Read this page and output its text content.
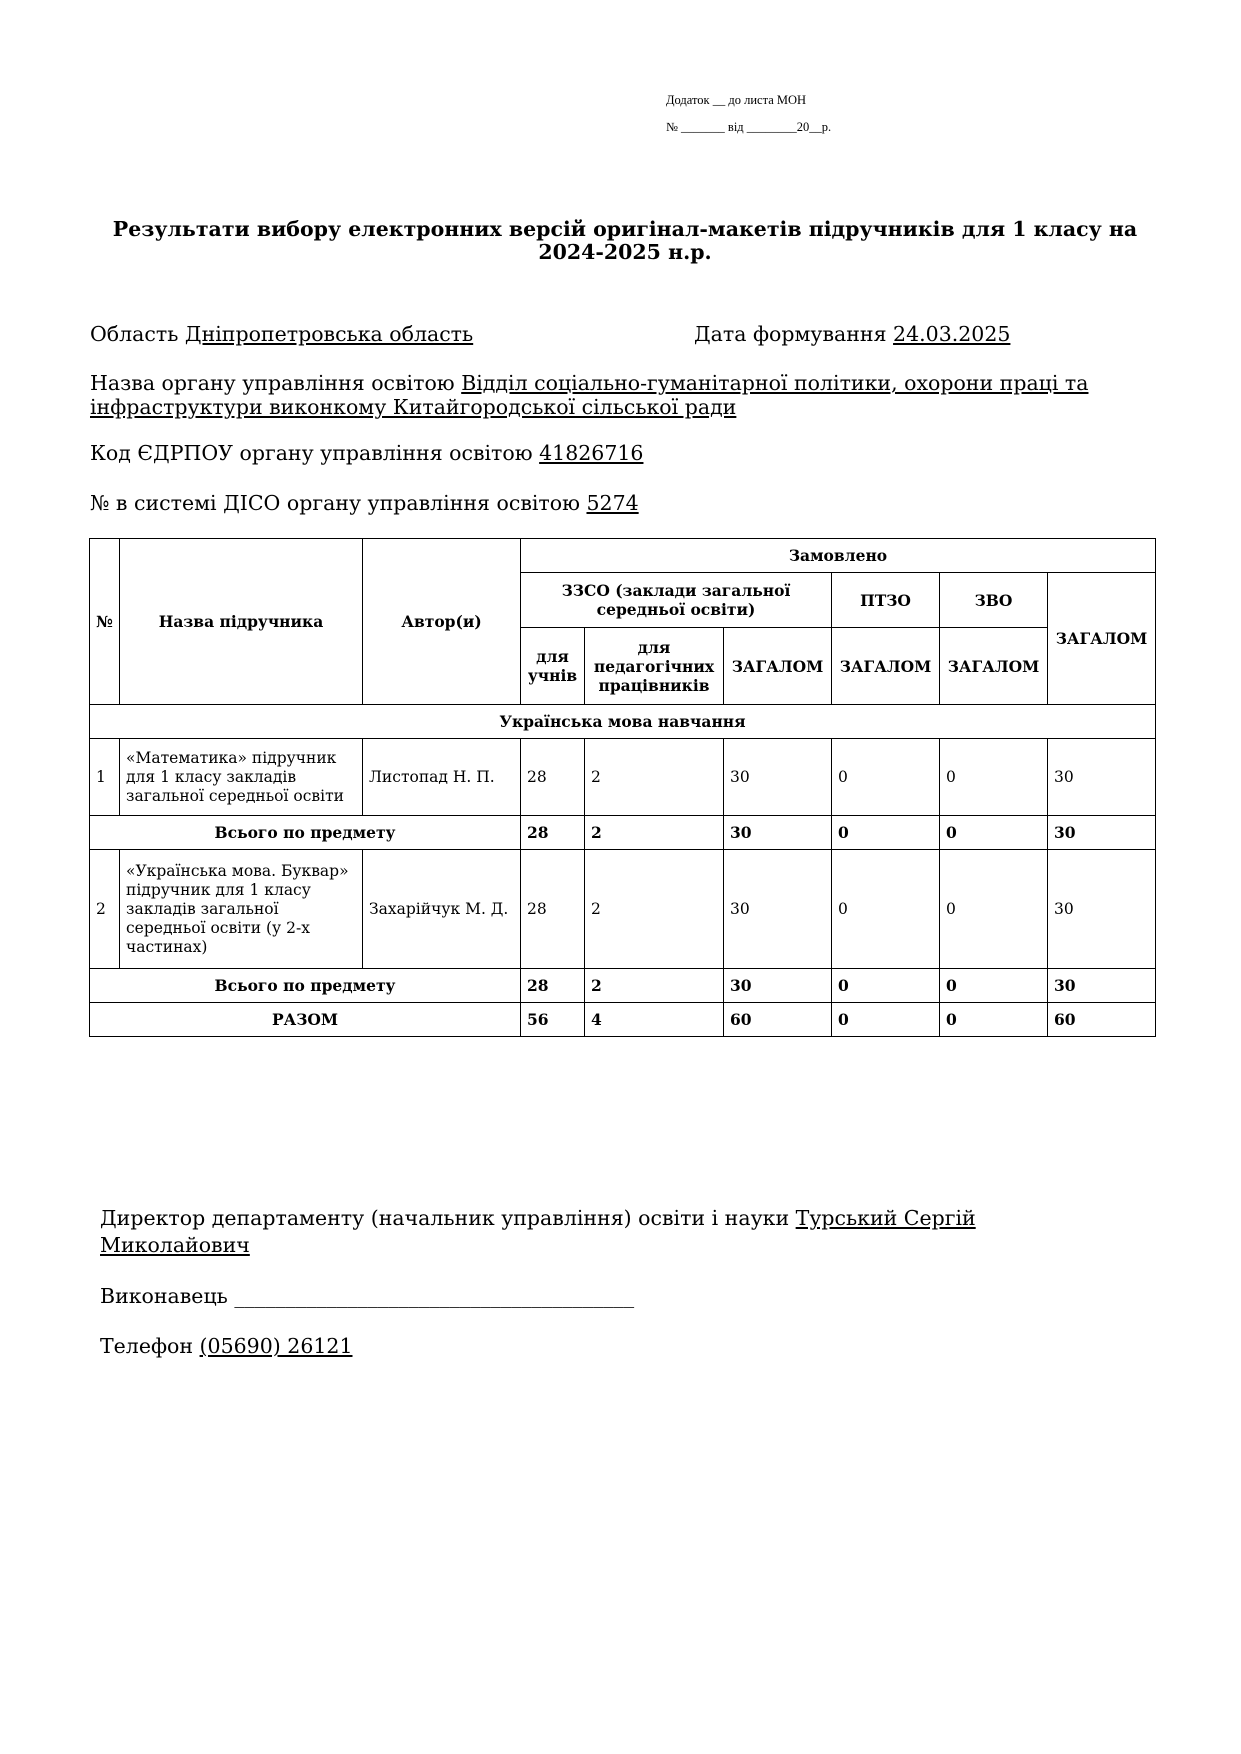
Додаток __ до листа МОН
№ _______ від ________20__р.
Результати вибору електронних версій оригінал-макетів підручників для 1 класу на 2024-2025 н.р.
Область Дніпропетровська область	Дата формування 24.03.2025
Назва органу управління освітою Відділ соціально-гуманітарної політики, охорони праці та інфраструктури виконкому Китайгородської сільської ради
Код ЄДРПОУ органу управління освітою 41826716
№ в системі ДІСО органу управління освітою 5274
№	Назва підручника	Автор(и)	Замовлено					
			ЗЗСО (заклади загальної середньої освіти)			ПТЗО	ЗВО	ЗАГАЛОМ
			для учнів	для педагогічних працівників	ЗАГАЛОМ	ЗАГАЛОМ	ЗАГАЛОМ	
Українська мова навчання								
1	«Математика» підручник для 1 класу закладів загальної середньої освіти	Листопад Н. П.	28	2	30	0	0	30
Всього по предмету			28	2	30	0	0	30
2	«Українська мова. Буквар» підручник для 1 класу закладів загальної середньої освіти (у 2-х частинах)	Захарійчук М. Д.	28	2	30	0	0	30
Всього по предмету			28	2	30	0	0	30
РАЗОМ			56	4	60	0	0	60
Директор департаменту (начальник управління) освіти і науки Турський Сергій Миколайович
Виконавець _______________________________________
Телефон (05690) 26121
